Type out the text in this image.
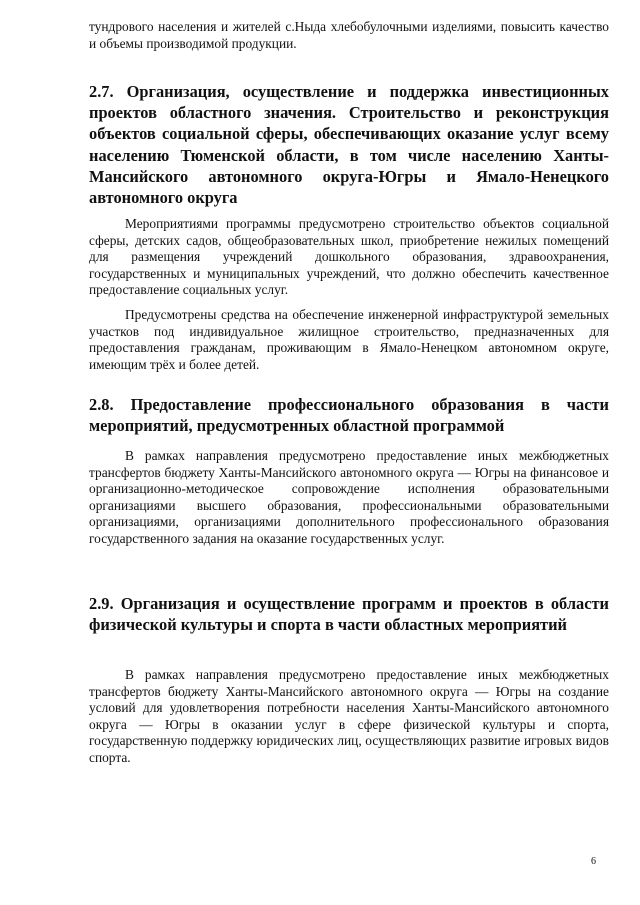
тундрового населения и жителей с.Ныда хлебобулочными изделиями, повысить качество и объемы производимой продукции.

2.7. Организация, осуществление и поддержка инвестиционных проектов областного значения. Строительство и реконструкция объектов социальной сферы, обеспечивающих оказание услуг всему населению Тюменской области, в том числе населению Ханты-Мансийского автономного округа-Югры и Ямало-Ненецкого автономного округа

Мероприятиями программы предусмотрено строительство объектов социальной сферы, детских садов, общеобразовательных школ, приобретение нежилых помещений для размещения учреждений дошкольного образования, здравоохранения, государственных и муниципальных учреждений, что должно обеспечить качественное предоставление социальных услуг.

Предусмотрены средства на обеспечение инженерной инфраструктурой земельных участков под индивидуальное жилищное строительство, предназначенных для предоставления гражданам, проживающим в Ямало-Ненецком автономном округе, имеющим трёх и более детей.

2.8. Предоставление профессионального образования в части мероприятий, предусмотренных областной программой

В рамках направления предусмотрено предоставление иных межбюджетных трансфертов бюджету Ханты-Мансийского автономного округа — Югры на финансовое и организационно-методическое сопровождение исполнения образовательными организациями высшего образования, профессиональными образовательными организациями, организациями дополнительного профессионального образования государственного задания на оказание государственных услуг.

2.9. Организация и осуществление программ и проектов в области физической культуры и спорта в части областных мероприятий

В рамках направления предусмотрено предоставление иных межбюджетных трансфертов бюджету Ханты-Мансийского автономного округа — Югры на создание условий для удовлетворения потребности населения Ханты-Мансийского автономного округа — Югры в оказании услуг в сфере физической культуры и спорта, государственную поддержку юридических лиц, осуществляющих развитие игровых видов спорта.

6
